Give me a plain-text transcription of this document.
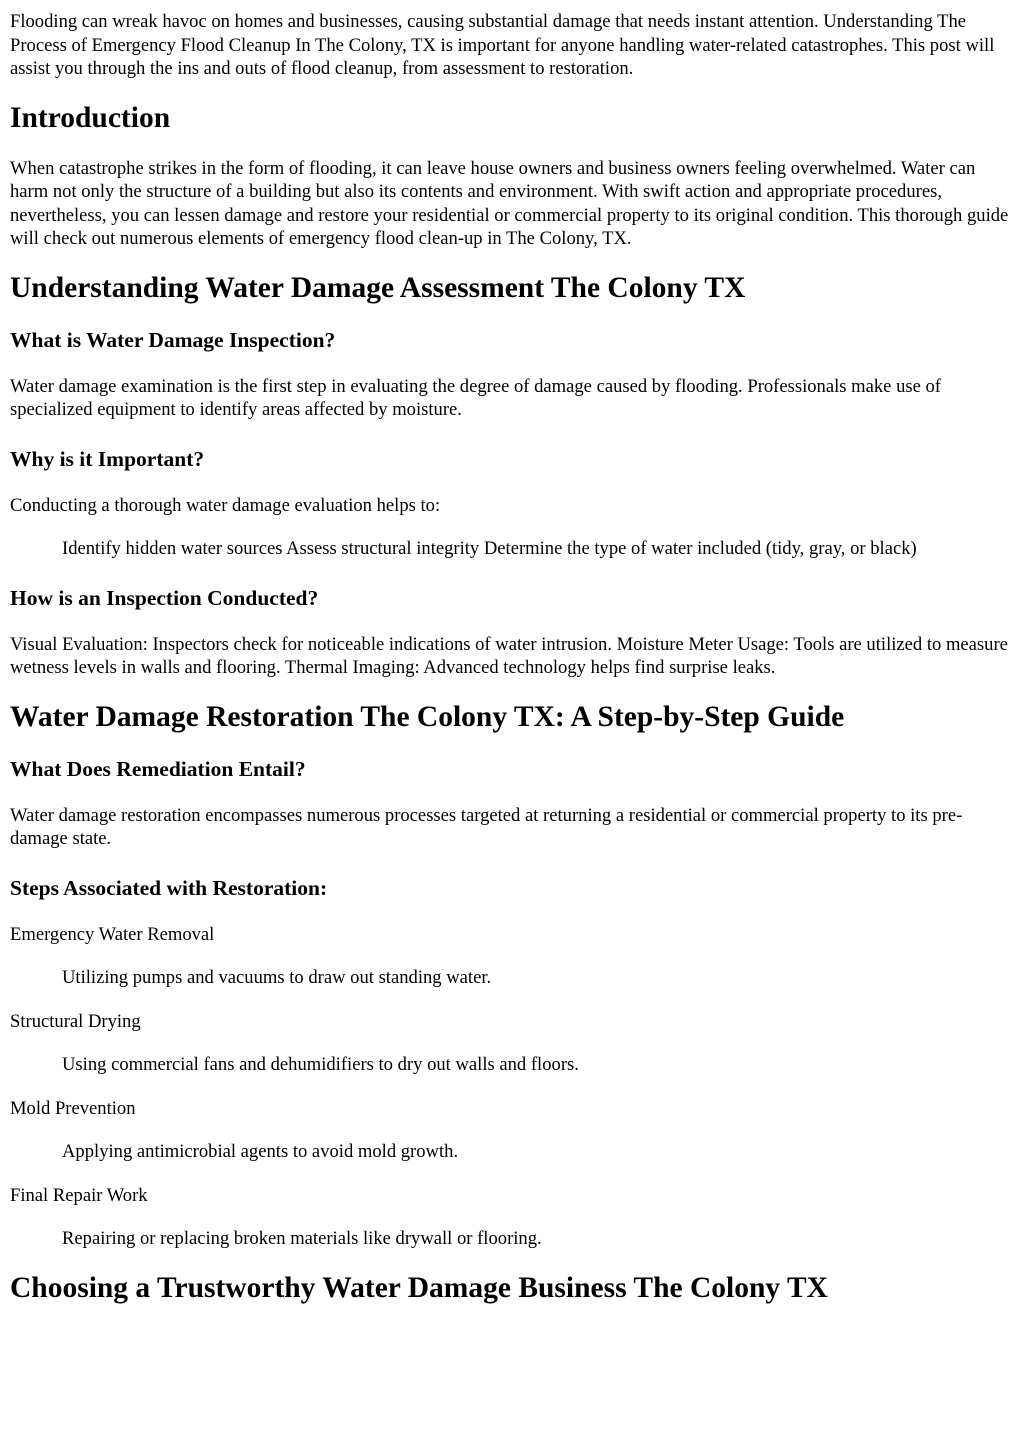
Flooding can wreak havoc on homes and businesses, causing substantial damage that needs instant attention. Understanding The Process of Emergency Flood Cleanup In The Colony, TX is important for anyone handling water-related catastrophes. This post will assist you through the ins and outs of flood cleanup, from assessment to restoration.

Introduction

When catastrophe strikes in the form of flooding, it can leave house owners and business owners feeling overwhelmed. Water can harm not only the structure of a building but also its contents and environment. With swift action and appropriate procedures, nevertheless, you can lessen damage and restore your residential or commercial property to its original condition. This thorough guide will check out numerous elements of emergency flood clean-up in The Colony, TX.

Understanding Water Damage Assessment The Colony TX
What is Water Damage Inspection?

Water damage examination is the first step in evaluating the degree of damage caused by flooding. Professionals make use of specialized equipment to identify areas affected by moisture.

Why is it Important?

Conducting a thorough water damage evaluation helps to:

Identify hidden water sources Assess structural integrity Determine the type of water included (tidy, gray, or black)

How is an Inspection Conducted?

Visual Evaluation: Inspectors check for noticeable indications of water intrusion. Moisture Meter Usage: Tools are utilized to measure wetness levels in walls and flooring. Thermal Imaging: Advanced technology helps find surprise leaks.

Water Damage Restoration The Colony TX: A Step-by-Step Guide
What Does Remediation Entail?

Water damage restoration encompasses numerous processes targeted at returning a residential or commercial property to its pre-damage state.

Steps Associated with Restoration:

Emergency Water Removal

Utilizing pumps and vacuums to draw out standing water.

Structural Drying

Using commercial fans and dehumidifiers to dry out walls and floors.

Mold Prevention

Applying antimicrobial agents to avoid mold growth.

Final Repair Work

Repairing or replacing broken materials like drywall or flooring.

Choosing a Trustworthy Water Damage Business The Colony TX
